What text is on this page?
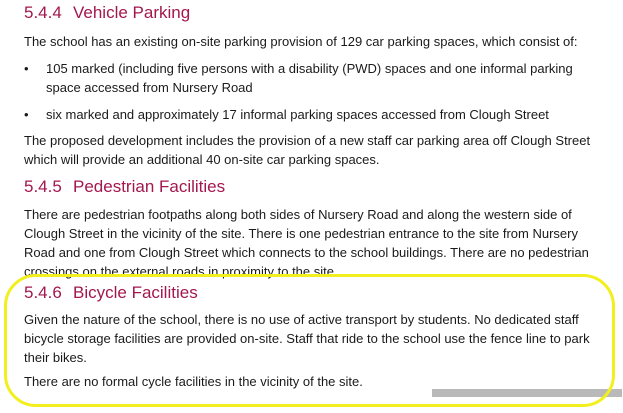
5.4.4 Vehicle Parking
The school has an existing on-site parking provision of 129 car parking spaces, which consist of:
•	105 marked (including five persons with a disability (PWD) spaces and one informal parking space accessed from Nursery Road
•	six marked and approximately 17 informal parking spaces accessed from Clough Street
The proposed development includes the provision of a new staff car parking area off Clough Street which will provide an additional 40 on-site car parking spaces.
5.4.5 Pedestrian Facilities
There are pedestrian footpaths along both sides of Nursery Road and along the western side of Clough Street in the vicinity of the site. There is one pedestrian entrance to the site from Nursery Road and one from Clough Street which connects to the school buildings. There are no pedestrian crossings on the external roads in proximity to the site.
5.4.6 Bicycle Facilities
Given the nature of the school, there is no use of active transport by students. No dedicated staff bicycle storage facilities are provided on-site. Staff that ride to the school use the fence line to park their bikes.
There are no formal cycle facilities in the vicinity of the site.
